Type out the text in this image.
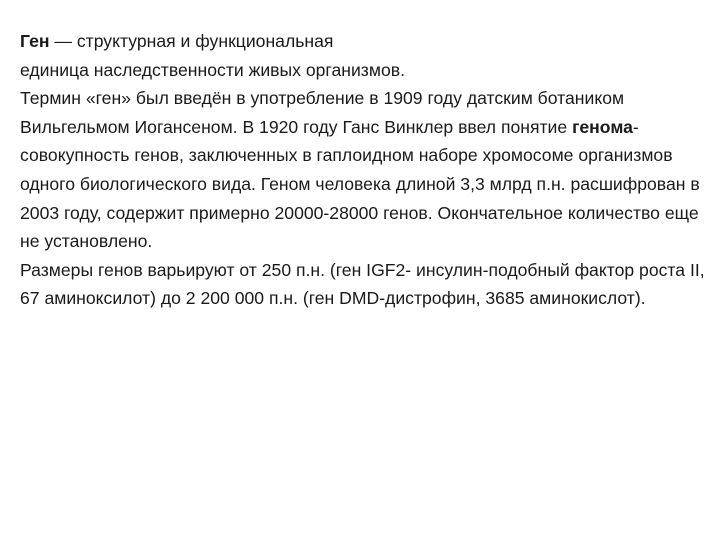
Ген — структурная и функциональная

единица наследственности живых организмов.

Термин «ген» был введён в употребление в 1909 году датским ботаником Вильгельмом Иогансеном. В 1920 году Ганс Винклер ввел понятие генома- совокупность генов, заключенных в гаплоидном наборе хромосоме организмов одного биологического вида. Геном человека длиной 3,3 млрд п.н. расшифрован в 2003 году, содержит примерно 20000-28000 генов. Окончательное количество еще не установлено.

Размеры генов варьируют от 250 п.н. (ген IGF2- инсулин-подобный фактор роста II, 67 аминоксилот) до 2 200 000 п.н. (ген DMD-дистрофин, 3685 аминокислот).
